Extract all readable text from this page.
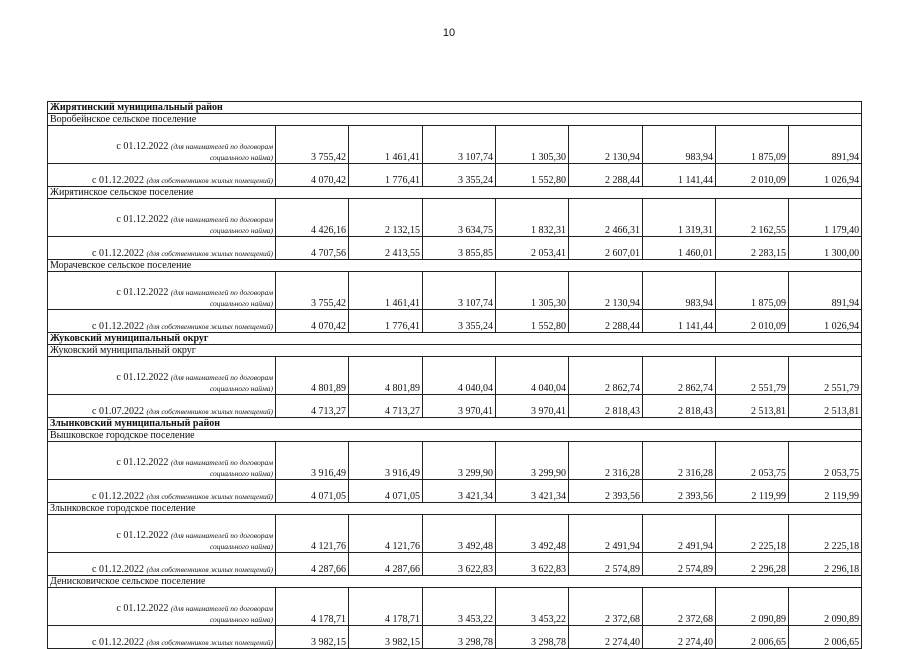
10
Жирятинский муниципальный район								
Воробейнское сельское поселение								
с 01.12.2022 (для нанимателей по договорам
социального найма)	3 755,42	1 461,41	3 107,74	1 305,30	2 130,94	983,94	1 875,09	891,94
с 01.12.2022 (для собственников жилых помещений)	4 070,42	1 776,41	3 355,24	1 552,80	2 288,44	1 141,44	2 010,09	1 026,94
Жирятинское сельское поселение								
с 01.12.2022 (для нанимателей по договорам
социального найма)	4 426,16	2 132,15	3 634,75	1 832,31	2 466,31	1 319,31	2 162,55	1 179,40
с 01.12.2022 (для собственников жилых помещений)	4 707,56	2 413,55	3 855,85	2 053,41	2 607,01	1 460,01	2 283,15	1 300,00
Морачевское сельское поселение								
с 01.12.2022 (для нанимателей по договорам
социального найма)	3 755,42	1 461,41	3 107,74	1 305,30	2 130,94	983,94	1 875,09	891,94
с 01.12.2022 (для собственников жилых помещений)	4 070,42	1 776,41	3 355,24	1 552,80	2 288,44	1 141,44	2 010,09	1 026,94
Жуковский муниципальный округ								
Жуковский муниципальный округ								
с 01.12.2022 (для нанимателей по договорам
социального найма)	4 801,89	4 801,89	4 040,04	4 040,04	2 862,74	2 862,74	2 551,79	2 551,79
с 01.07.2022 (для собственников жилых помещений)	4 713,27	4 713,27	3 970,41	3 970,41	2 818,43	2 818,43	2 513,81	2 513,81
Злынковский муниципальный район								
Вышковское городское поселение								
с 01.12.2022 (для нанимателей по договорам
социального найма)	3 916,49	3 916,49	3 299,90	3 299,90	2 316,28	2 316,28	2 053,75	2 053,75
с 01.12.2022 (для собственников жилых помещений)	4 071,05	4 071,05	3 421,34	3 421,34	2 393,56	2 393,56	2 119,99	2 119,99
Злынковское городское поселение								
с 01.12.2022 (для нанимателей по договорам
социального найма)	4 121,76	4 121,76	3 492,48	3 492,48	2 491,94	2 491,94	2 225,18	2 225,18
с 01.12.2022 (для собственников жилых помещений)	4 287,66	4 287,66	3 622,83	3 622,83	2 574,89	2 574,89	2 296,28	2 296,18
Денисковичское сельское поселение								
с 01.12.2022 (для нанимателей по договорам
социального найма)	4 178,71	4 178,71	3 453,22	3 453,22	2 372,68	2 372,68	2 090,89	2 090,89
с 01.12.2022 (для собственников жилых помещений)	3 982,15	3 982,15	3 298,78	3 298,78	2 274,40	2 274,40	2 006,65	2 006,65
